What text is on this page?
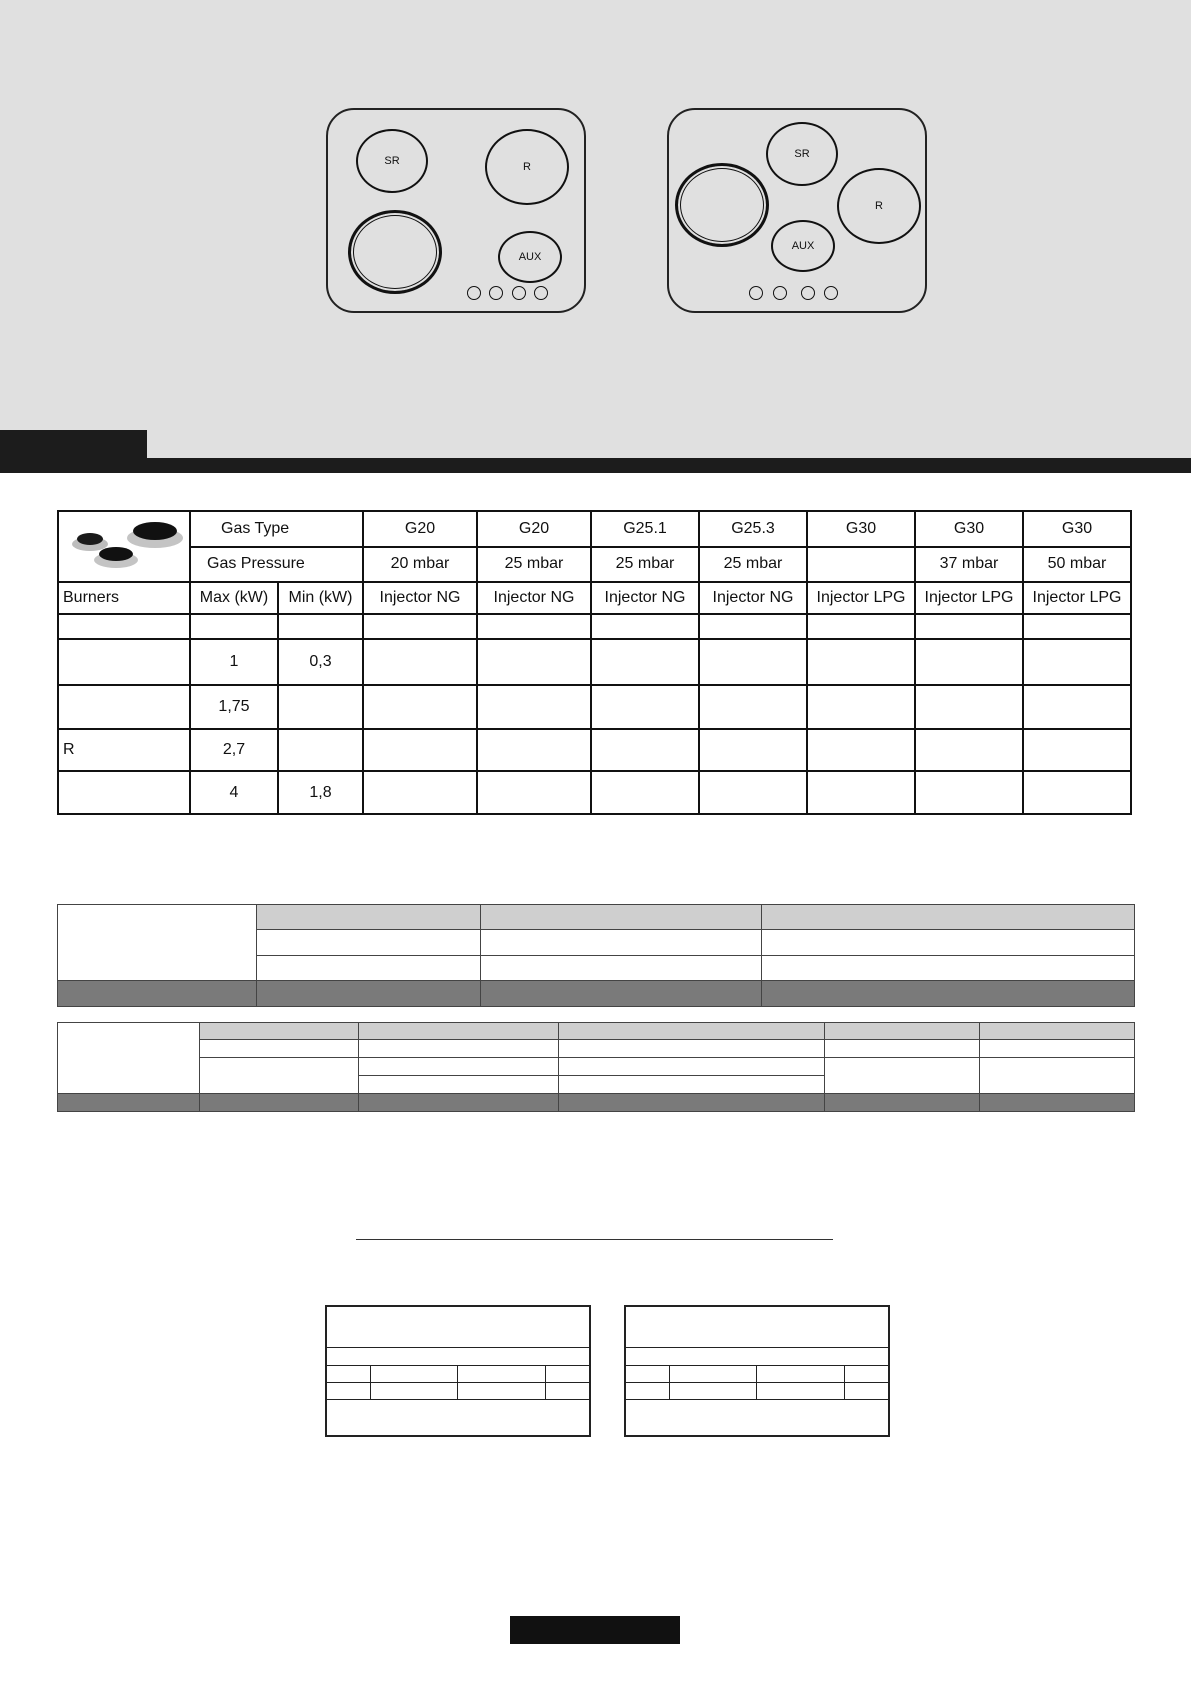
SR	R
AUX
SR
R
AUX
	Gas Type		G20	G20	G25.1	G25.3	G30	G30	G30
	Gas Pressure		20 mbar	25 mbar	25 mbar	25 mbar		37 mbar	50 mbar
Burners	Max (kW)	Min (kW)	Injector NG	Injector NG	Injector NG	Injector NG	Injector LPG	Injector LPG	Injector LPG

	1	0,3							
	1,75								
R	2,7								
	4	1,8							
